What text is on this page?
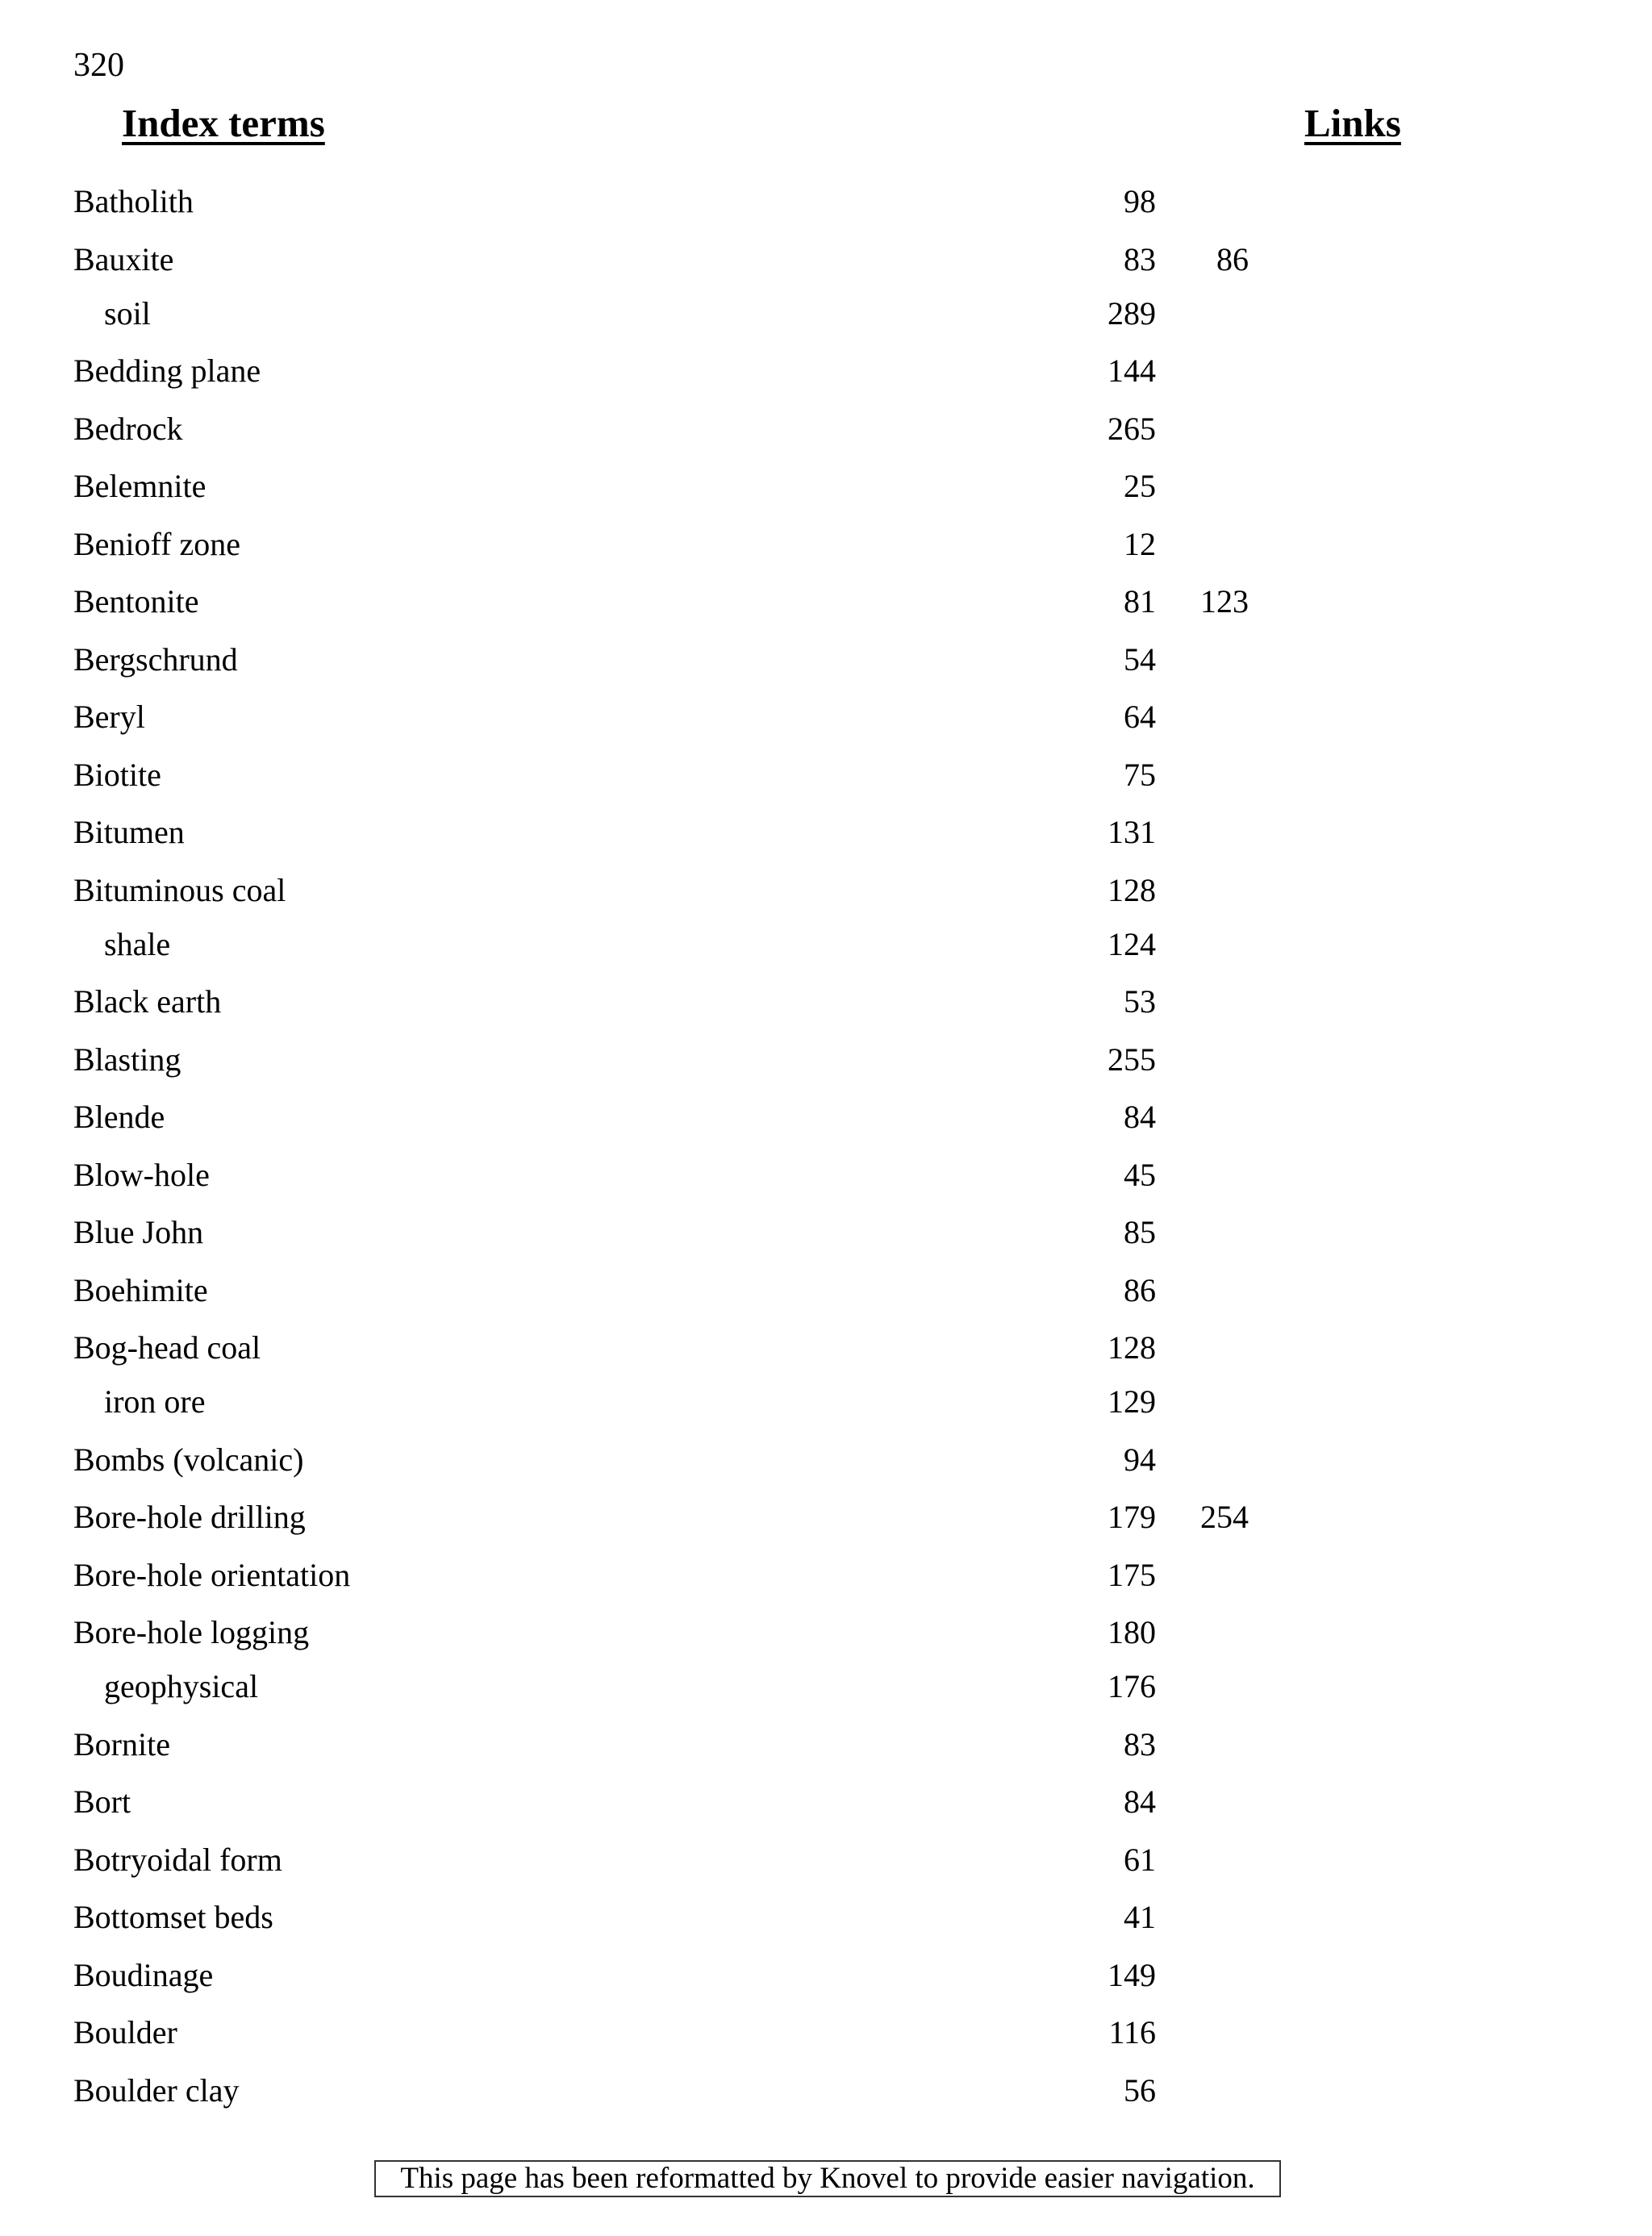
320
Index terms	Links
Batholith	98
Bauxite	83 86
soil	289
Bedding plane	144
Bedrock	265
Belemnite	25
Benioff zone	12
Bentonite	81 123
Bergschrund	54
Beryl	64
Biotite	75
Bitumen	131
Bituminous coal	128
shale	124
Black earth	53
Blasting	255
Blende	84
Blow-hole	45
Blue John	85
Boehimite	86
Bog-head coal	128
iron ore	129
Bombs (volcanic)	94
Bore-hole drilling	179 254
Bore-hole orientation	175
Bore-hole logging	180
geophysical	176
Bornite	83
Bort	84
Botryoidal form	61
Bottomset beds	41
Boudinage	149
Boulder	116
Boulder clay	56
This page has been reformatted by Knovel to provide easier navigation.
